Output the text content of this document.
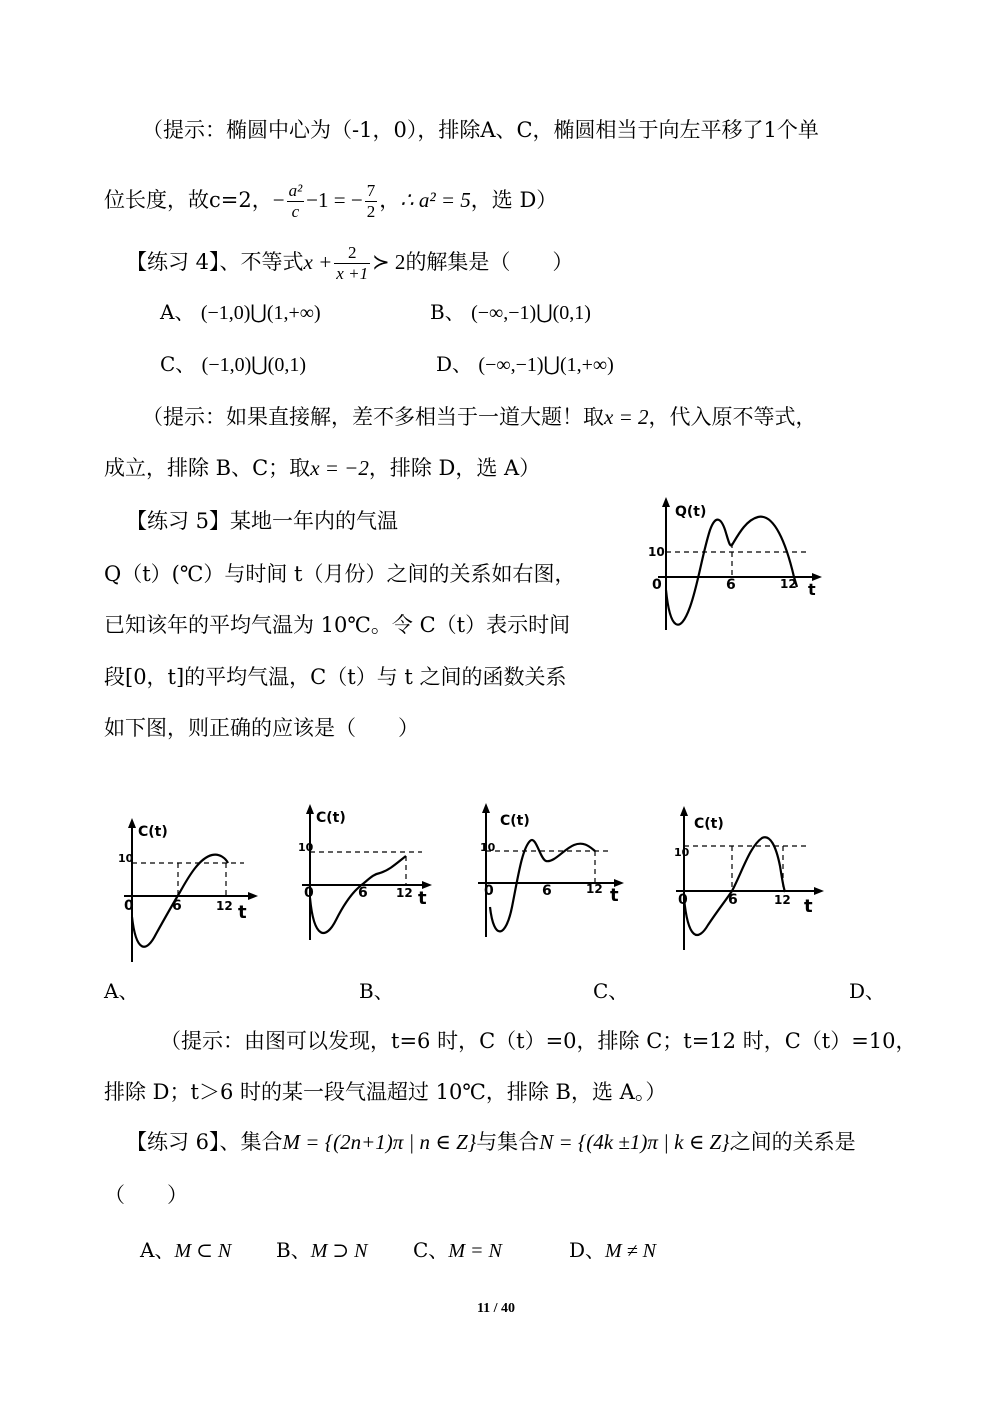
（提示：椭圆中心为（-1，0），排除A、C，椭圆相当于向左平移了1个单
位长度，故c=2，− $\frac{\text{a²}}{c} -1$ = − $\frac{7}{2}$ ，∴ a² = 5，选 D）
【练习 4】、不等式$x + \frac{2}{x +1}$ ≻ 2的解集是（　　）
A、 (−1,0)⋃(1,+∞)	B、 (−∞,−1)⋃(0,1)
C、 (−1,0)⋃(0,1)	D、 (−∞,−1)⋃(1,+∞)
（提示：如果直接解，差不多相当于一道大题！取x = 2，代入原不等式，
成立，排除 B、C；取x = −2，排除 D，选 A）
【练习 5】某地一年内的气温
Q（t）(℃）与时间 t（月份）之间的关系如右图，
已知该年的平均气温为 10℃。令 C（t）表示时间
段[0，t]的平均气温，C（t）与 t 之间的函数关系
如下图，则正确的应该是（　　）
Q(t)
10
0	6	12 t
C(t)
10
0	6	12 t
C(t)
10
0	6 12 t
C(t)
10
0	6	12 t
C(t)
10
0	6	12 t
A、	B、	C、	D、
（提示：由图可以发现，t=6 时，C（t）=0，排除 C；t=12 时，C（t）=10，
排除 D；t＞6 时的某一段气温超过 10℃，排除 B，选 A。）
【练习 6】、集合M = {(2n+1)π | n ∈ Z}与集合N = {(4k ±1)π | k ∈ Z}之间的关系是
（　　）
A、M ⊂ N B、M ⊃ N C、M = N	D、M ≠ N
11 / 40
